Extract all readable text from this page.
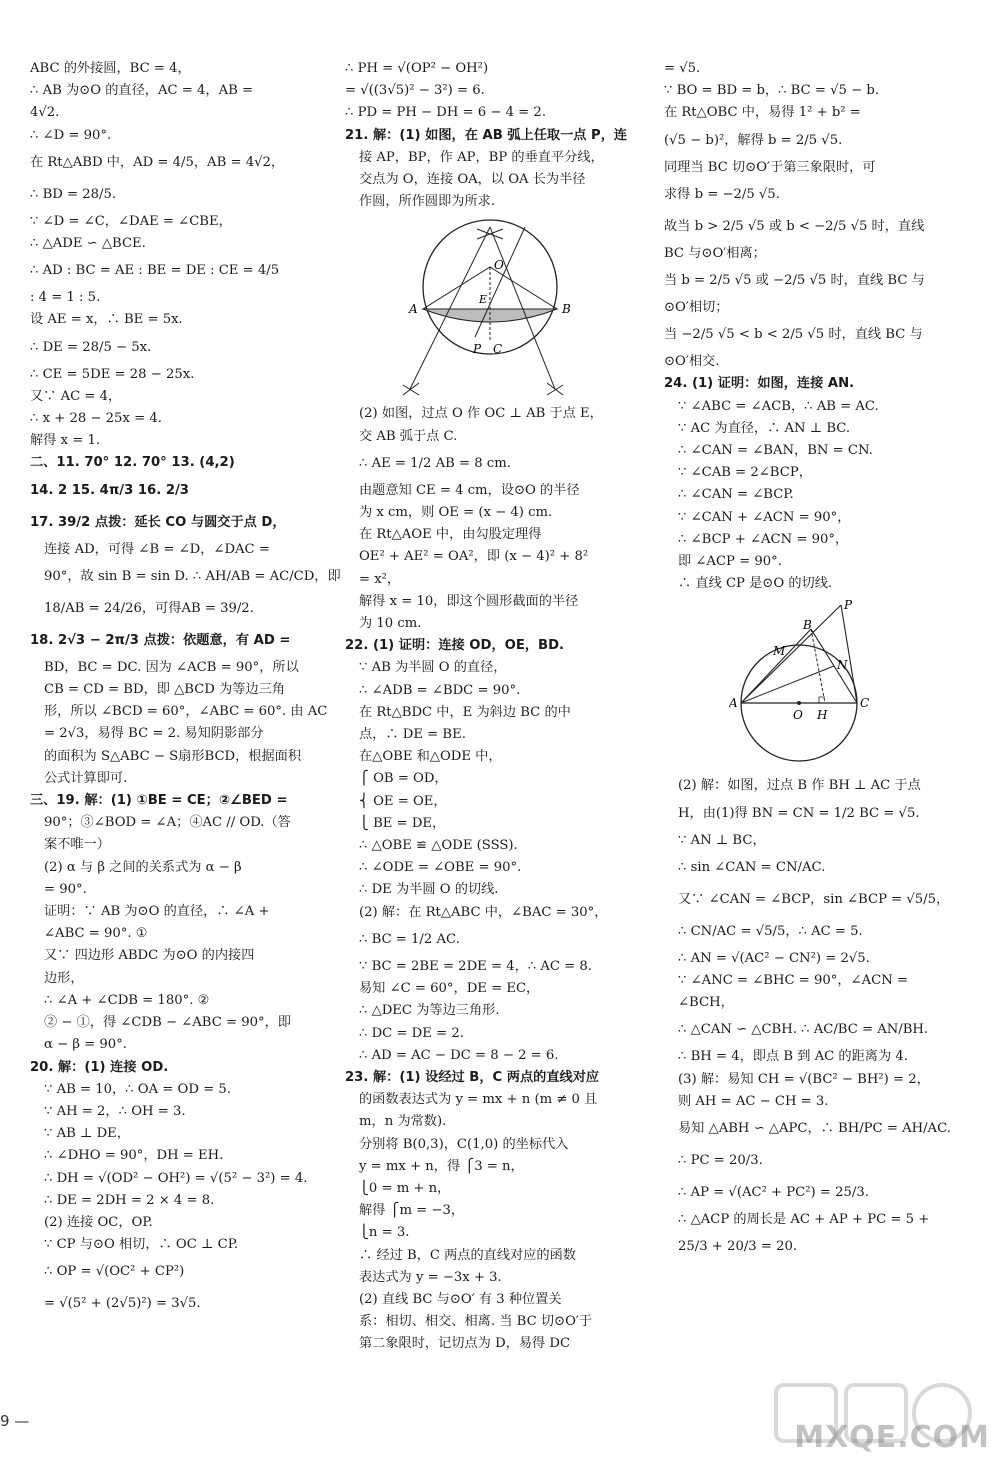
ABC 的外接圆，BC = 4，
∴ AB 为⊙O 的直径，AC = 4，AB =
4√2.
∴ ∠D = 90°.
在 Rt△ABD 中，AD = 4/5，AB = 4√2，
∴ BD = 28/5.
∵ ∠D = ∠C，∠DAE = ∠CBE，
∴ △ADE ∽ △BCE.
∴ AD : BC = AE : BE = DE : CE = 4/5
: 4 = 1 : 5.
设 AE = x，∴ BE = 5x.
∴ DE = 28/5 − 5x.
∴ CE = 5DE = 28 − 25x.
又∵ AC = 4，
∴ x + 28 − 25x = 4.
解得 x = 1.
二、11. 70° 12. 70° 13. (4,2)
14. 2 15. 4π/3 16. 2/3
17. 39/2 点拨：延长 CO 与圆交于点 D，
连接 AD，可得 ∠B = ∠D，∠DAC =
90°，故 sin B = sin D. ∴ AH/AB = AC/CD，即
18/AB = 24/26，可得AB = 39/2.
18. 2√3 − 2π/3 点拨：依题意，有 AD =
BD，BC = DC. 因为 ∠ACB = 90°，所以
CB = CD = BD，即 △BCD 为等边三角
形，所以 ∠BCD = 60°，∠ABC = 60°. 由 AC
= 2√3，易得 BC = 2. 易知阴影部分
的面积为 S△ABC − S扇形BCD，根据面积
公式计算即可.
三、19. 解：(1) ①BE = CE；②∠BED =
90°；③∠BOD = ∠A；④AC // OD.（答
案不唯一）
(2) α 与 β 之间的关系式为 α − β
= 90°.
证明：∵ AB 为⊙O 的直径，∴ ∠A +
∠ABC = 90°. ①
又∵ 四边形 ABDC 为⊙O 的内接四
边形，
∴ ∠A + ∠CDB = 180°. ②
② − ①，得 ∠CDB − ∠ABC = 90°，即
α − β = 90°.
20. 解：(1) 连接 OD.
∵ AB = 10，∴ OA = OD = 5.
∵ AH = 2，∴ OH = 3.
∵ AB ⊥ DE，
∴ ∠DHO = 90°，DH = EH.
∴ DH = √(OD² − OH²) = √(5² − 3²) = 4.
∴ DE = 2DH = 2 × 4 = 8.
(2) 连接 OC，OP.
∵ CP 与⊙O 相切，∴ OC ⊥ CP.
∴ OP = √(OC² + CP²)
= √(5² + (2√5)²) = 3√5.
∴ PH = √(OP² − OH²)
= √((3√5)² − 3²) = 6.
∴ PD = PH − DH = 6 − 4 = 2.
21. 解：(1) 如图，在 AB 弧上任取一点 P，连
接 AP，BP，作 AP，BP 的垂直平分线，
交点为 O，连接 OA，以 OA 长为半径
作圆，所作圆即为所求.
O
E
A	B
P C
(2) 如图，过点 O 作 OC ⊥ AB 于点 E，
交 AB 弧于点 C.
∴ AE = 1/2 AB = 8 cm.
由题意知 CE = 4 cm，设⊙O 的半径
为 x cm，则 OE = (x − 4) cm.
在 Rt△AOE 中，由勾股定理得
OE² + AE² = OA²，即 (x − 4)² + 8²
= x²，
解得 x = 10，即这个圆形截面的半径
为 10 cm.
22. (1) 证明：连接 OD，OE，BD.
∵ AB 为半圆 O 的直径，
∴ ∠ADB = ∠BDC = 90°.
在 Rt△BDC 中，E 为斜边 BC 的中
点，∴ DE = BE.
在△OBE 和△ODE 中，
⎧ OB = OD，
⎨ OE = OE，
⎩ BE = DE，
∴ △OBE ≌ △ODE (SSS).
∴ ∠ODE = ∠OBE = 90°.
∴ DE 为半圆 O 的切线.
(2) 解：在 Rt△ABC 中，∠BAC = 30°，
∴ BC = 1/2 AC.
∵ BC = 2BE = 2DE = 4，∴ AC = 8.
易知 ∠C = 60°，DE = EC，
∴ △DEC 为等边三角形.
∴ DC = DE = 2.
∴ AD = AC − DC = 8 − 2 = 6.
23. 解：(1) 设经过 B，C 两点的直线对应
的函数表达式为 y = mx + n (m ≠ 0 且
m，n 为常数).
分别将 B(0,3)，C(1,0) 的坐标代入
y = mx + n，得 ⎧3 = n，
⎩0 = m + n，
解得 ⎧m = −3，
⎩n = 3.
∴ 经过 B，C 两点的直线对应的函数
表达式为 y = −3x + 3.
(2) 直线 BC 与⊙O′ 有 3 种位置关
系：相切、相交、相离. 当 BC 切⊙O′于
第二象限时，记切点为 D，易得 DC
= √5.
∵ BO = BD = b，∴ BC = √5 − b.
在 Rt△OBC 中，易得 1² + b² =
(√5 − b)²，解得 b = 2/5 √5.
同理当 BC 切⊙O′于第三象限时，可
求得 b = −2/5 √5.
故当 b > 2/5 √5 或 b < −2/5 √5 时，直线
BC 与⊙O′相离；
当 b = 2/5 √5 或 −2/5 √5 时，直线 BC 与
⊙O′相切；
当 −2/5 √5 < b < 2/5 √5 时，直线 BC 与
⊙O′相交.
24. (1) 证明：如图，连接 AN.
∵ ∠ABC = ∠ACB，∴ AB = AC.
∵ AC 为直径，∴ AN ⊥ BC.
∴ ∠CAN = ∠BAN，BN = CN.
∵ ∠CAB = 2∠BCP，
∴ ∠CAN = ∠BCP.
∵ ∠CAN + ∠ACN = 90°，
∴ ∠BCP + ∠ACN = 90°，
即 ∠ACP = 90°.
∴ 直线 CP 是⊙O 的切线.
P
B
M
N
A
O H
C
(2) 解：如图，过点 B 作 BH ⊥ AC 于点
H，由(1)得 BN = CN = 1/2 BC = √5.
∵ AN ⊥ BC，
∴ sin ∠CAN = CN/AC.
又∵ ∠CAN = ∠BCP，sin ∠BCP = √5/5，
∴ CN/AC = √5/5，∴ AC = 5.
∴ AN = √(AC² − CN²) = 2√5.
∵ ∠ANC = ∠BHC = 90°，∠ACN =
∠BCH，
∴ △CAN ∽ △CBH. ∴ AC/BC = AN/BH.
∴ BH = 4，即点 B 到 AC 的距离为 4.
(3) 解：易知 CH = √(BC² − BH²) = 2，
则 AH = AC − CH = 3.
易知 △ABH ∽ △APC，∴ BH/PC = AH/AC.
∴ PC = 20/3.
∴ AP = √(AC² + PC²) = 25/3.
∴ △ACP 的周长是 AC + AP + PC = 5 +
25/3 + 20/3 = 20.
9 —	MXQE.COM
